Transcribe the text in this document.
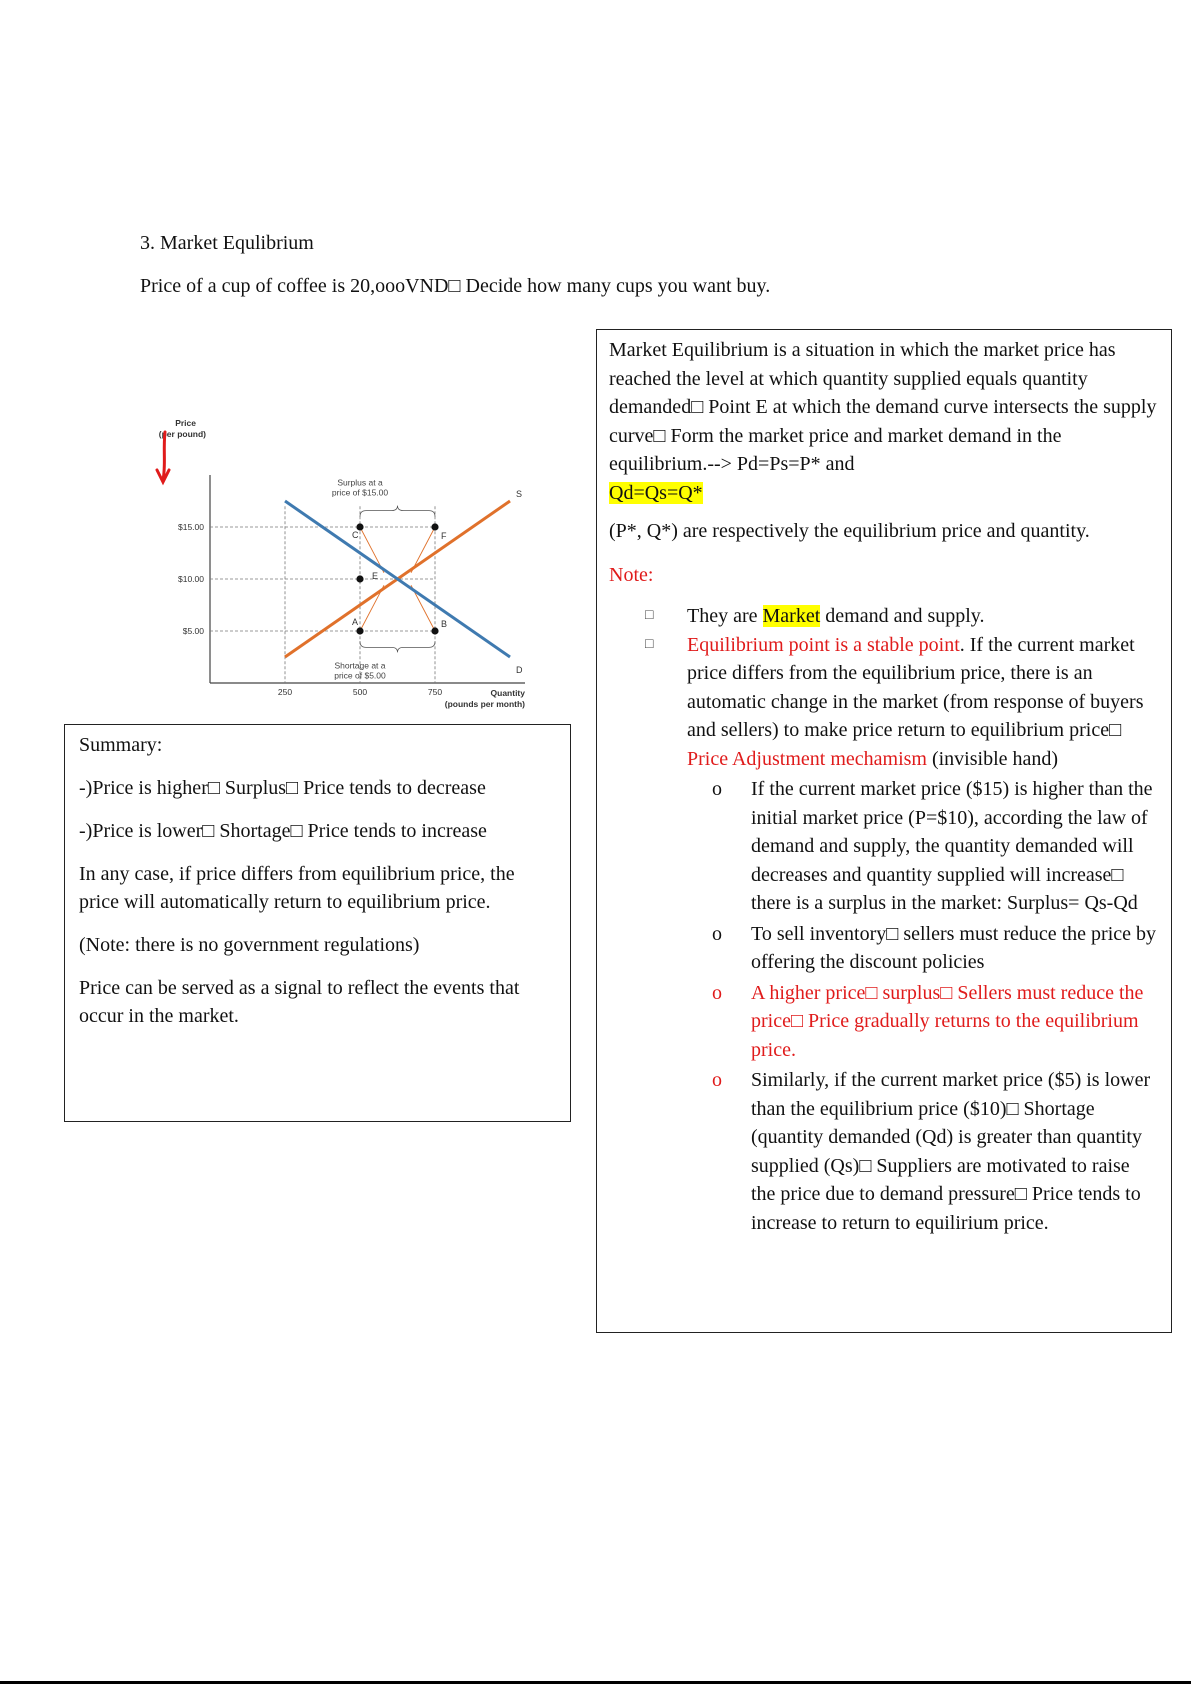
3. Market Equlibrium
Price of a cup of coffee is 20,oooVND□ Decide how many cups you want buy.
$5.00
$10.00
$15.00
250	500	750
Price
(per pound)
Quantity
(pounds per month)
S
D
E
C	F
A	B
Surplus at a
price of $15.00
Shortage at a
price of $5.00

Summary:

-)Price is higher□ Surplus□ Price tends to decrease

-)Price is lower□ Shortage□ Price tends to increase

In any case, if price differs from equilibrium price, the price will automatically return to equilibrium price.

(Note: there is no government regulations)

Price can be served as a signal to reflect the events that occur in the market.

Market Equilibrium is a situation in which the market price has reached the level at which quantity supplied equals quantity demanded□ Point E at which the demand curve intersects the supply curve□ Form the market price and market demand in the equilibrium.--> Pd=Ps=P* and

Qd=Qs=Q*

(P*, Q*) are respectively the equilibrium price and quantity.

Note:

□ They are Market demand and supply.

□ Equilibrium point is a stable point. If the current market price differs from the equilibrium price, there is an automatic change in the market (from response of buyers and sellers) to make price return to equilibrium price□ Price Adjustment mechamism (invisible hand)

o If the current market price ($15) is higher than the initial market price (P=$10), according the law of demand and supply, the quantity demanded will decreases and quantity supplied will increase□ there is a surplus in the market: Surplus= Qs-Qd

o To sell inventory□ sellers must reduce the price by offering the discount policies

o A higher price□ surplus□ Sellers must reduce the price□ Price gradually returns to the equilibrium price.

o Similarly, if the current market price ($5) is lower than the equilibrium price ($10)□ Shortage (quantity demanded (Qd) is greater than quantity supplied (Qs)□ Suppliers are motivated to raise the price due to demand pressure□ Price tends to increase to return to equilirium price.
